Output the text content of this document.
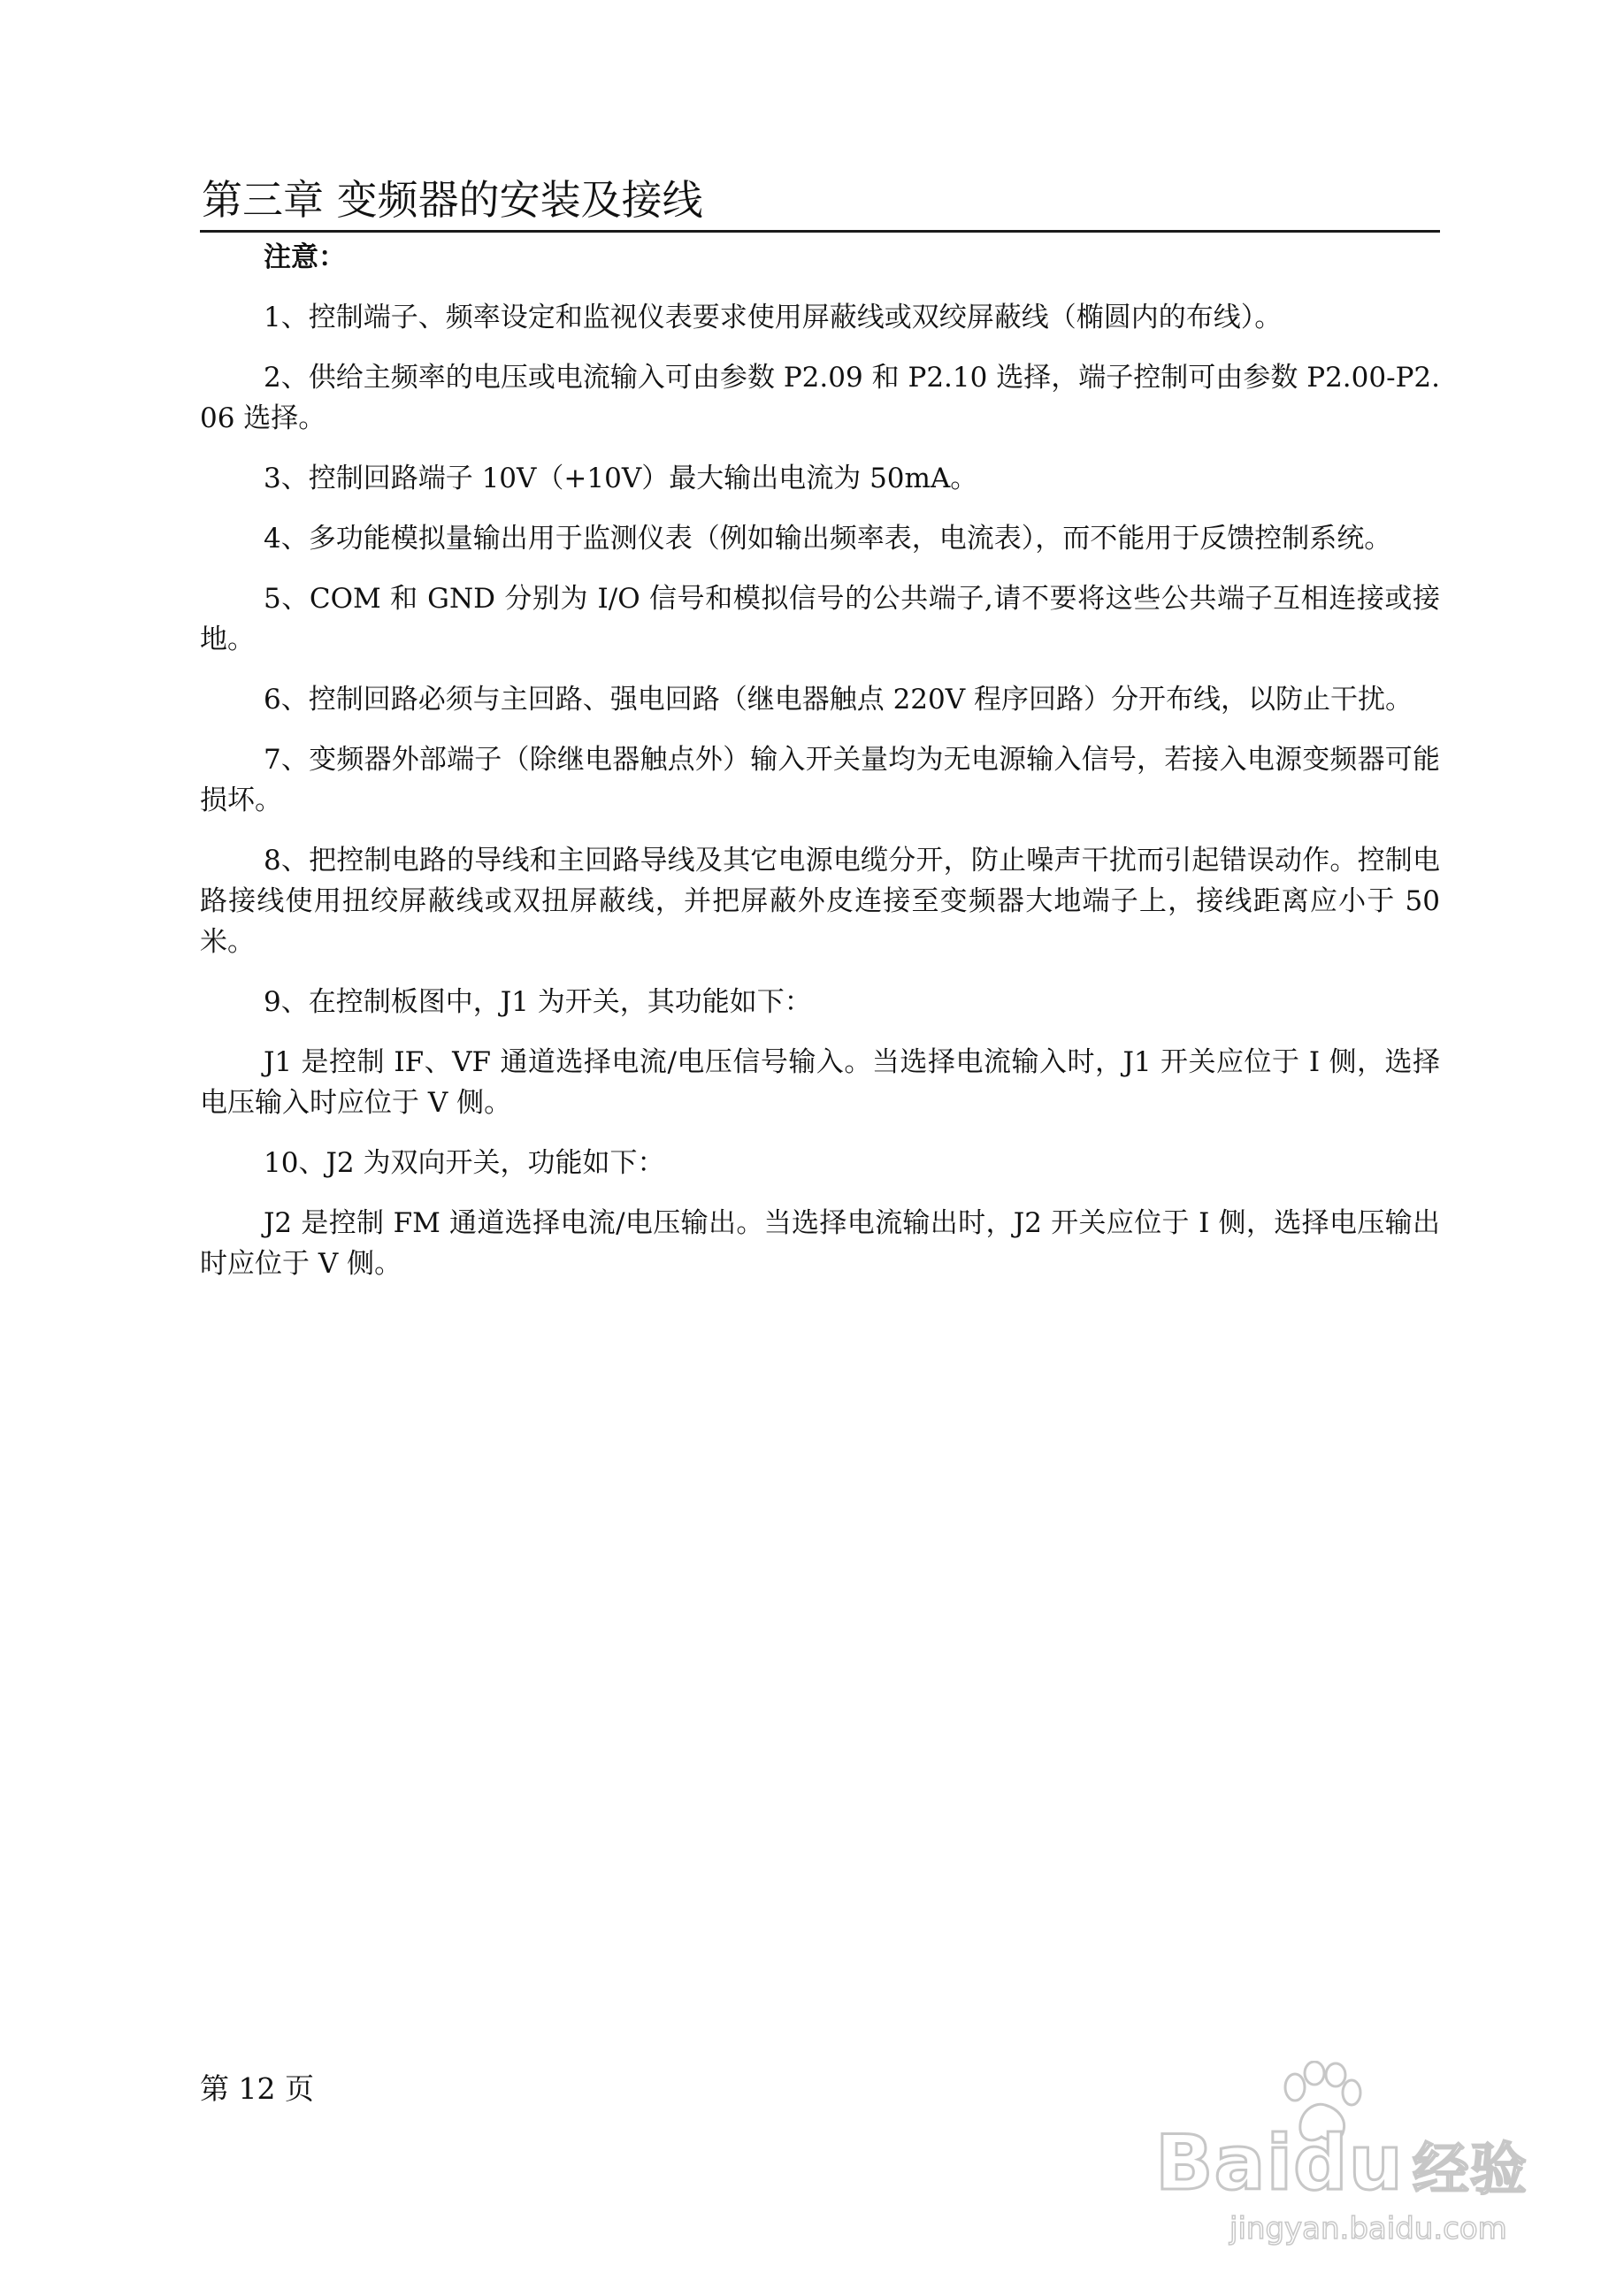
第三章 变频器的安装及接线
注意：

1、控制端子、频率设定和监视仪表要求使用屏蔽线或双绞屏蔽线（椭圆内的布线）。

2、供给主频率的电压或电流输入可由参数 P2.09 和 P2.10 选择，端子控制可由参数 P2.00-P2.06 选择。

3、控制回路端子 10V（+10V）最大输出电流为 50mA。

4、多功能模拟量输出用于监测仪表（例如输出频率表，电流表），而不能用于反馈控制系统。

5、COM 和 GND 分别为 I/O 信号和模拟信号的公共端子,请不要将这些公共端子互相连接或接地。

6、控制回路必须与主回路、强电回路（继电器触点 220V 程序回路）分开布线，以防止干扰。

7、变频器外部端子（除继电器触点外）输入开关量均为无电源输入信号，若接入电源变频器可能损坏。

8、把控制电路的导线和主回路导线及其它电源电缆分开，防止噪声干扰而引起错误动作。控制电路接线使用扭绞屏蔽线或双扭屏蔽线，并把屏蔽外皮连接至变频器大地端子上，接线距离应小于 50 米。

9、在控制板图中，J1 为开关，其功能如下：

J1 是控制 IF、VF 通道选择电流/电压信号输入。当选择电流输入时，J1 开关应位于 I 侧，选择电压输入时应位于 V 侧。

10、J2 为双向开关，功能如下：

J2 是控制 FM 通道选择电流/电压输出。当选择电流输出时，J2 开关应位于 I 侧，选择电压输出时应位于 V 侧。

第 12 页
Baidu 经验
jingyan.baidu.com
